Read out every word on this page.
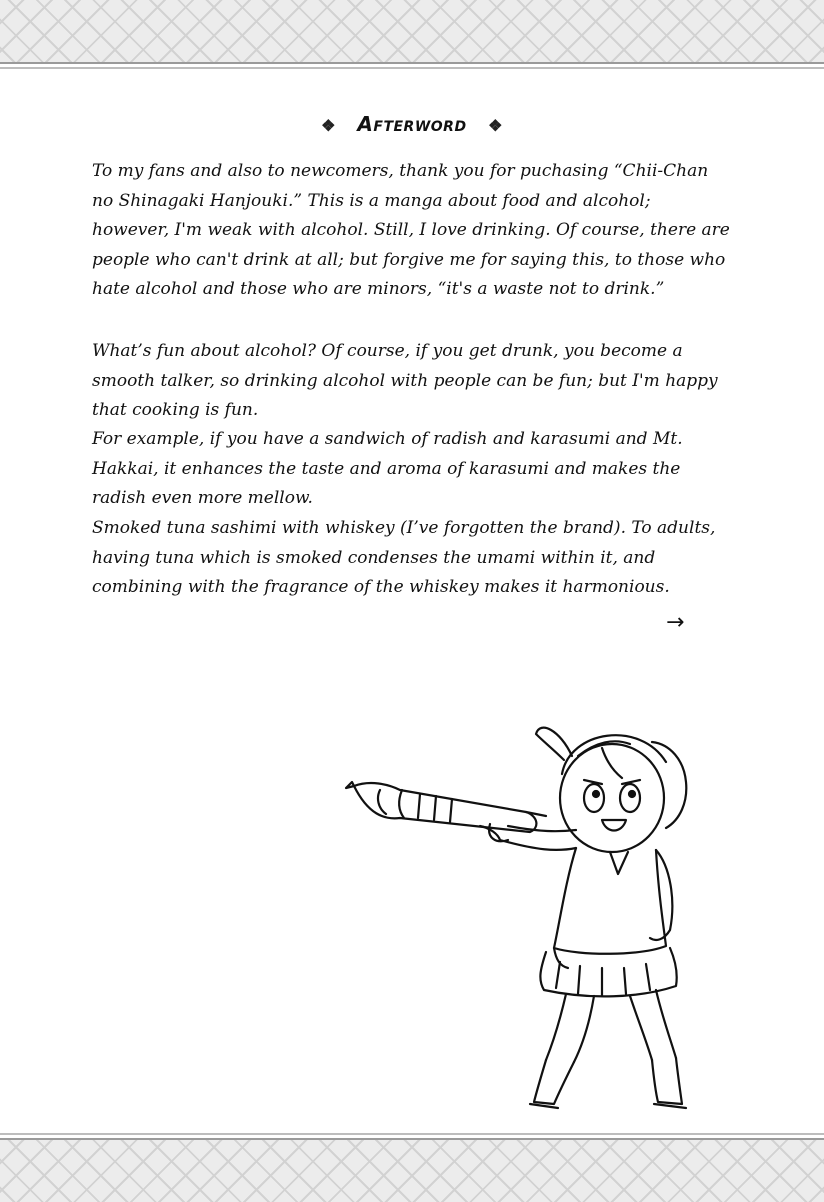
❖ Afterword ❖

To my fans and also to newcomers, thank you for puchasing “Chii-Chan no Shinagaki Hanjouki.” This is a manga about food and alcohol; however, I'm weak with alcohol. Still, I love drinking. Of course, there are people who can't drink at all; but forgive me for saying this, to those who hate alcohol and those who are minors, “it's a waste not to drink.”

What’s fun about alcohol? Of course, if you get drunk, you become a smooth talker, so drinking alcohol with people can be fun; but I'm happy that cooking is fun.

For example, if you have a sandwich of radish and karasumi and Mt. Hakkai, it enhances the taste and aroma of karasumi and makes the radish even more mellow.

Smoked tuna sashimi with whiskey (I’ve forgotten the brand). To adults, having tuna which is smoked condenses the umami within it, and combining with the fragrance of the whiskey makes it harmonious.

→
